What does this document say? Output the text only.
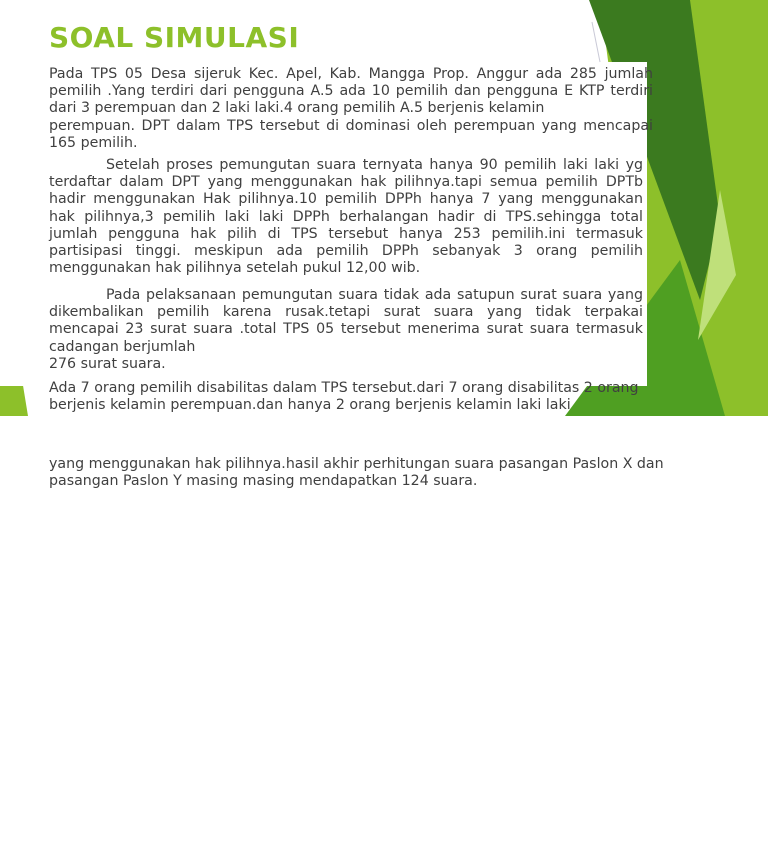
SOAL SIMULASI

Pada TPS 05 Desa sijeruk Kec. Apel, Kab. Mangga Prop. Anggur ada 285 jumlah pemilih .Yang terdiri dari pengguna A.5 ada 10 pemilih dan pengguna E KTP terdiri dari 3 perempuan dan 2 laki laki.4 orang pemilih A.5 berjenis kelamin
perempuan. DPT dalam TPS tersebut di dominasi oleh perempuan yang mencapai 165 pemilih.

Setelah proses pemungutan suara ternyata hanya 90 pemilih laki laki yg terdaftar dalam DPT yang menggunakan hak pilihnya.tapi semua pemilih DPTb hadir menggunakan Hak pilihnya.10 pemilih DPPh hanya 7 yang menggunakan hak pilihnya,3 pemilih laki laki DPPh berhalangan hadir di TPS.sehingga total jumlah pengguna hak pilih di TPS tersebut hanya 253 pemilih.ini termasuk partisipasi tinggi. meskipun ada pemilih DPPh sebanyak 3 orang pemilih menggunakan hak pilihnya setelah pukul 12,00 wib.

Pada pelaksanaan pemungutan suara tidak ada satupun surat suara yang dikembalikan pemilih karena rusak.tetapi surat suara yang tidak terpakai mencapai 23 surat suara .total TPS 05 tersebut menerima surat suara termasuk cadangan berjumlah
276 surat suara.

Ada 7 orang pemilih disabilitas dalam TPS tersebut.dari 7 orang disabilitas 2 orang berjenis kelamin perempuan.dan hanya 2 orang berjenis kelamin laki laki

yang menggunakan hak pilihnya.hasil akhir perhitungan suara pasangan Paslon X dan pasangan Paslon Y masing masing mendapatkan 124 suara.
